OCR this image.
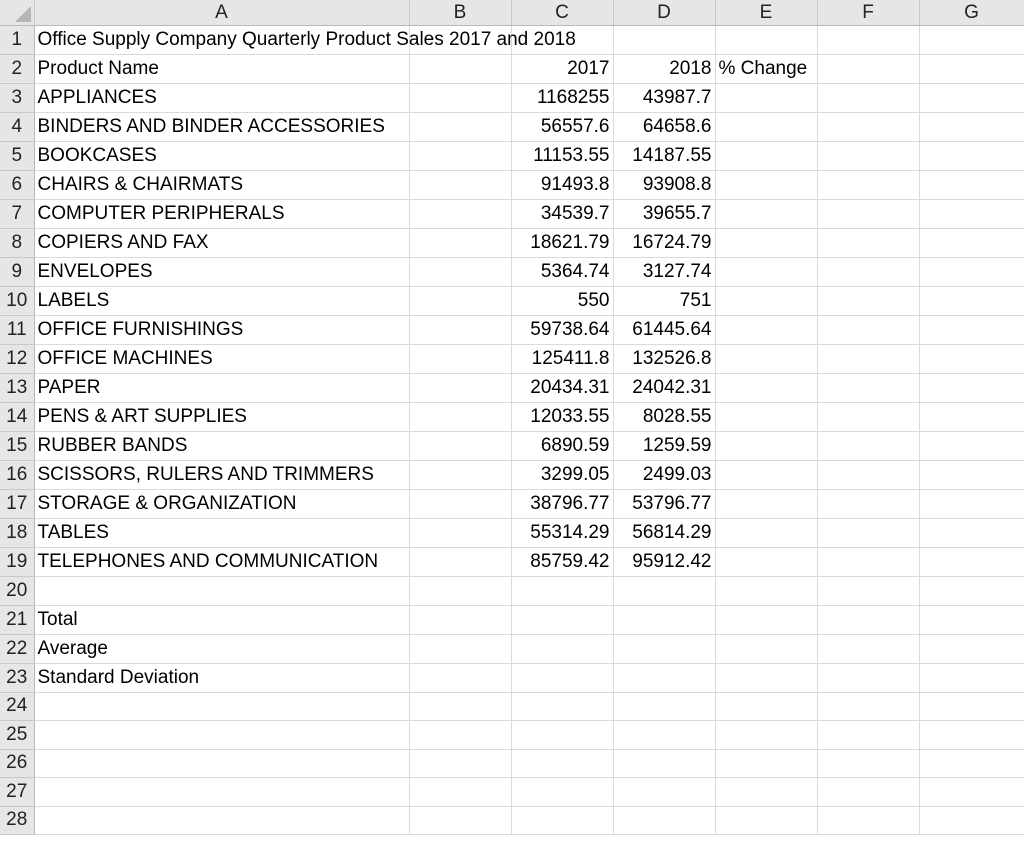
	A	B	C	D	E	F	G
1	Office Supply Company Quarterly Product Sales 2017 and 2018						
2	Product Name		2017	2018	% Change		
3	APPLIANCES		1168255	43987.7			
4	BINDERS AND BINDER ACCESSORIES		56557.6	64658.6			
5	BOOKCASES		11153.55	14187.55			
6	CHAIRS & CHAIRMATS		91493.8	93908.8			
7	COMPUTER PERIPHERALS		34539.7	39655.7			
8	COPIERS AND FAX		18621.79	16724.79			
9	ENVELOPES		5364.74	3127.74			
10	LABELS		550	751			
11	OFFICE FURNISHINGS		59738.64	61445.64			
12	OFFICE MACHINES		125411.8	132526.8			
13	PAPER		20434.31	24042.31			
14	PENS & ART SUPPLIES		12033.55	8028.55			
15	RUBBER BANDS		6890.59	1259.59			
16	SCISSORS, RULERS AND TRIMMERS		3299.05	2499.03			
17	STORAGE & ORGANIZATION		38796.77	53796.77			
18	TABLES		55314.29	56814.29			
19	TELEPHONES AND COMMUNICATION		85759.42	95912.42			
20							
21	Total						
22	Average						
23	Standard Deviation						
24							
25							
26							
27							
28							
